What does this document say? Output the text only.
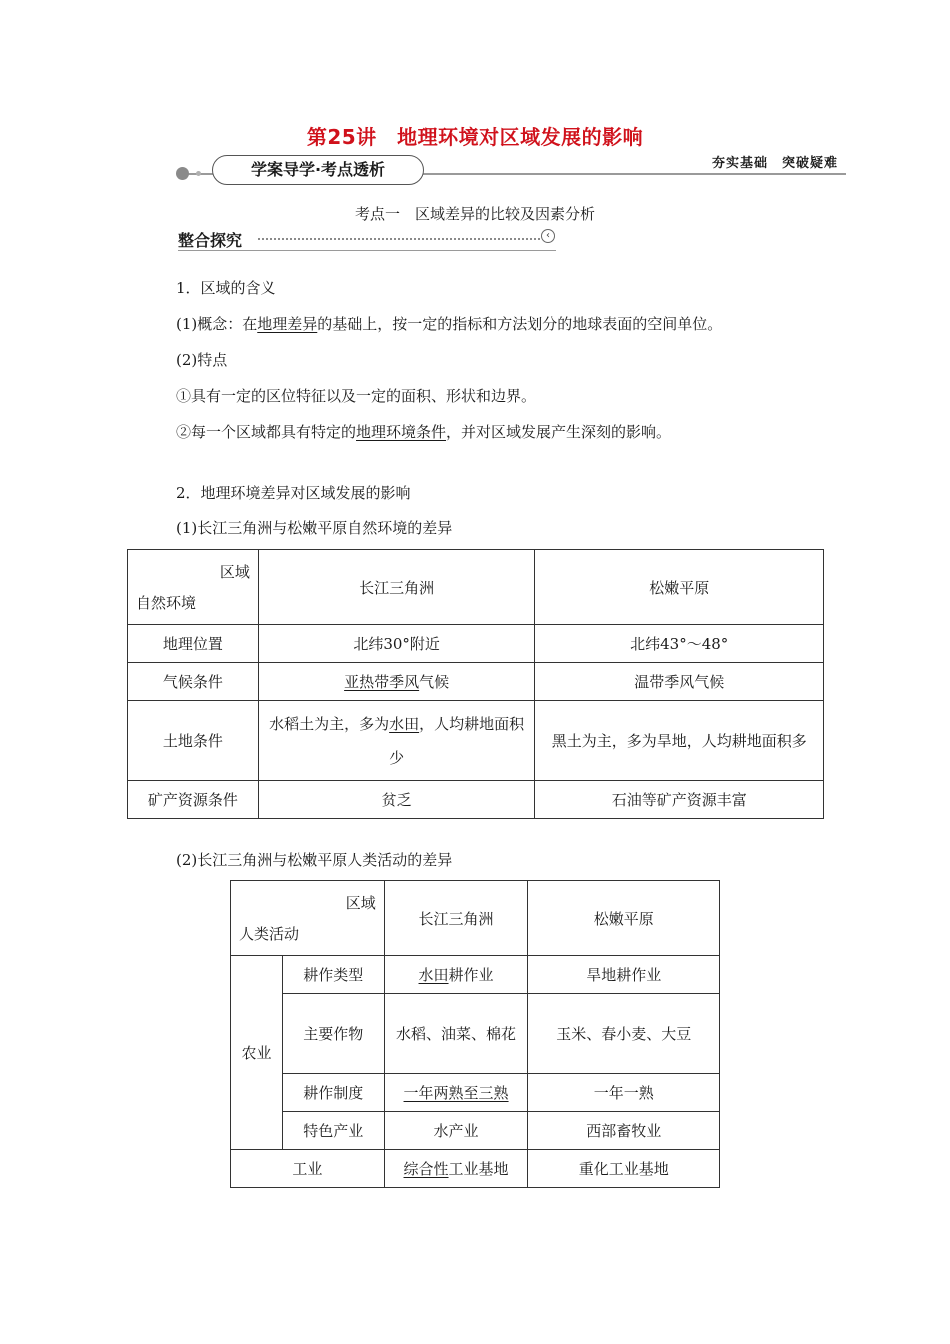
第25讲　地理环境对区域发展的影响
学案导学·考点透析	夯实基础　突破疑难
考点一　区域差异的比较及因素分析
整合探究	‹
1．区域的含义
(1)概念：在地理差异的基础上，按一定的指标和方法划分的地球表面的空间单位。
(2)特点
①具有一定的区位特征以及一定的面积、形状和边界。
②每一个区域都具有特定的地理环境条件，并对区域发展产生深刻的影响。
2．地理环境差异对区域发展的影响
(1)长江三角洲与松嫩平原自然环境的差异
区域
自然环境	长江三角洲	松嫩平原
地理位置	北纬30°附近	北纬43°～48°
气候条件	亚热带季风气候	温带季风气候
土地条件	水稻土为主，多为水田，人均耕地面积少	黑土为主，多为旱地，人均耕地面积多
矿产资源条件	贫乏	石油等矿产资源丰富
(2)长江三角洲与松嫩平原人类活动的差异
区域
人类活动		长江三角洲	松嫩平原
农业	耕作类型	水田耕作业	旱地耕作业
	主要作物	水稻、油菜、棉花	玉米、春小麦、大豆
	耕作制度	一年两熟至三熟	一年一熟
	特色产业	水产业	西部畜牧业
工业		综合性工业基地	重化工业基地
